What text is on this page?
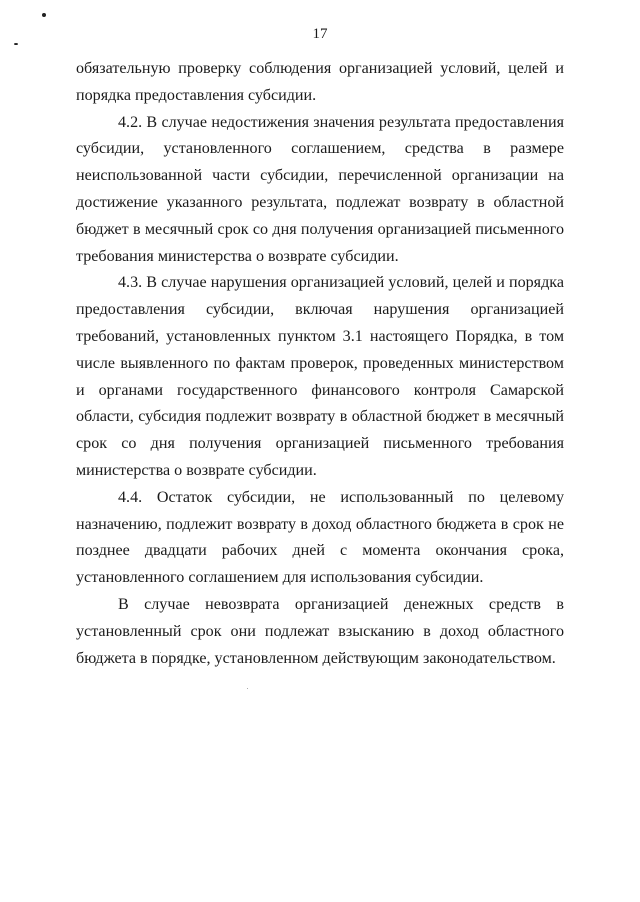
17

обязательную проверку соблюдения организацией условий, целей и порядка предоставления субсидии.

4.2. В случае недостижения значения результата предоставления субсидии, установленного соглашением, средства в размере неиспользованной части субсидии, перечисленной организации на достижение указанного результата, подлежат возврату в областной бюджет в месячный срок со дня получения организацией письменного требования министерства о возврате субсидии.

4.3. В случае нарушения организацией условий, целей и порядка предоставления субсидии, включая нарушения организацией требований, установленных пунктом 3.1 настоящего Порядка, в том числе выявленного по фактам проверок, проведенных министерством и органами государственного финансового контроля Самарской области, субсидия подлежит возврату в областной бюджет в месячный срок со дня получения организацией письменного требования министерства о возврате субсидии.

4.4. Остаток субсидии, не использованный по целевому назначению, подлежит возврату в доход областного бюджета в срок не позднее двадцати рабочих дней с момента окончания срока, установленного соглашением для использования субсидии.

В случае невозврата организацией денежных средств в установленный срок они подлежат взысканию в доход областного бюджета в порядке, установленном действующим законодательством.
